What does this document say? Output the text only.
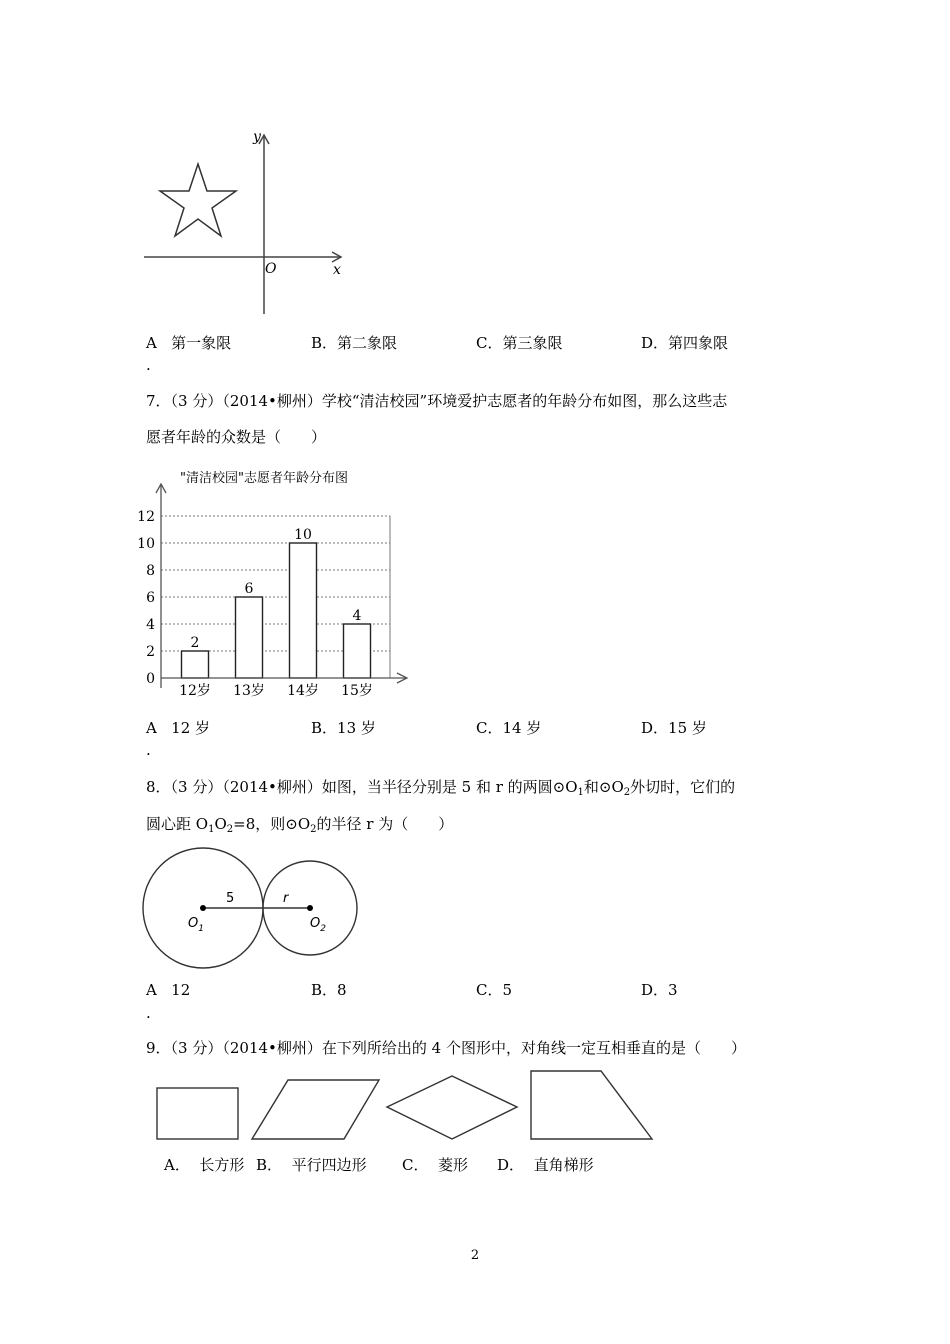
y
x
O
A 第一象限	B．第二象限	C．第三象限	D．第四象限
.
7．（3 分）（2014•柳州）学校“清洁校园”环境爱护志愿者的年龄分布如图，那么这些志
愿者年龄的众数是（　　）
"清洁校园"志愿者年龄分布图
0
2
4
6
8
10
12
12岁 13岁 14岁 15岁
2
6
10
4
A 12 岁	B．13 岁	C．14 岁	D．15 岁
.
8．（3 分）（2014•柳州）如图，当半径分别是 5 和 r 的两圆$⊙O_1$和$⊙O_2$外切时，它们的
圆心距 $O_1O_2=8$，则$⊙O_2$的半径 r 为（　　）
5	r
$O_1$	$O_2$
A 12	B．8	C．5	D．3
.
9．（3 分）（2014•柳州）在下列所给出的 4 个图形中，对角线一定互相垂直的是（　　）
A． 长方形 B． 平行四边形 C． 菱形 D． 直角梯形
2
